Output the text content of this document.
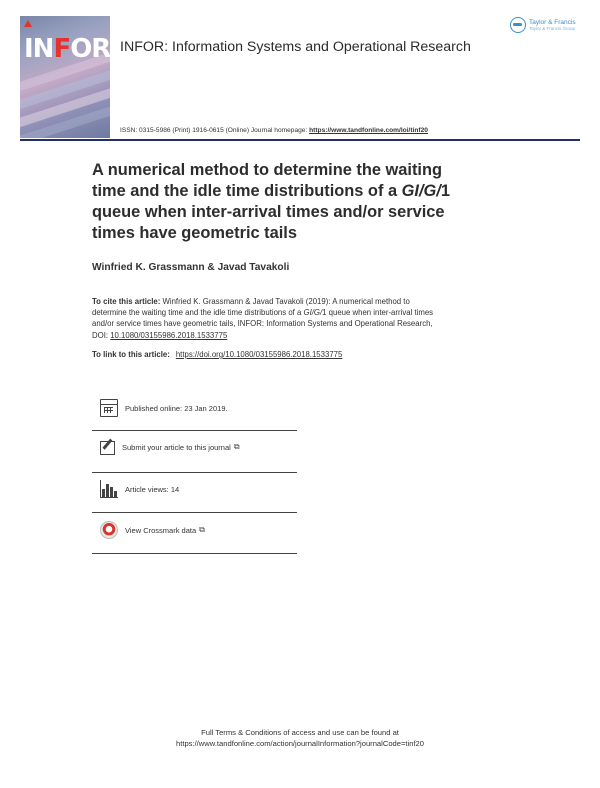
INFOR INFOR: Information Systems and Operational Research
Taylor & Francis
Taylor & Francis Group
ISSN: 0315-5986 (Print) 1916-0615 (Online) Journal homepage: https://www.tandfonline.com/loi/tinf20
A numerical method to determine the waiting
time and the idle time distributions of a GI/G/1
queue when inter-arrival times and/or service
times have geometric tails
Winfried K. Grassmann & Javad Tavakoli
To cite this article: Winfried K. Grassmann & Javad Tavakoli (2019): A numerical method to
determine the waiting time and the idle time distributions of a GI/G/1 queue when inter-arrival times
and/or service times have geometric tails, INFOR: Information Systems and Operational Research,
DOI: 10.1080/03155986.2018.1533775
To link to this article: https://doi.org/10.1080/03155986.2018.1533775
Published online: 23 Jan 2019.
Submit your article to this journal ⧉
Article views: 14
View Crossmark data ⧉
Full Terms & Conditions of access and use can be found at
https://www.tandfonline.com/action/journalInformation?journalCode=tinf20
